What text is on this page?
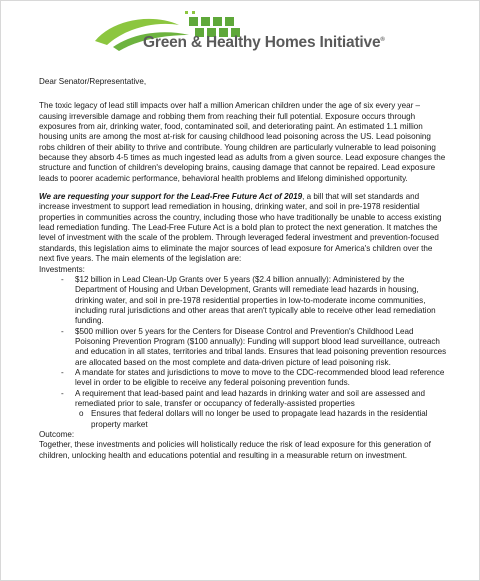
Green & Healthy Homes Initiative®

Dear Senator/Representative,

The toxic legacy of lead still impacts over half a million American children under the age of six every year – causing irreversible damage and robbing them from reaching their full potential. Exposure occurs through exposures from air, drinking water, food, contaminated soil, and deteriorating paint. An estimated 1.1 million housing units are among the most at-risk for causing childhood lead poisoning across the US. Lead poisoning robs children of their ability to thrive and contribute. Young children are particularly vulnerable to lead poisoning because they absorb 4-5 times as much ingested lead as adults from a given source. Lead exposure changes the structure and function of children's developing brains, causing damage that cannot be repaired. Lead exposure leads to poorer academic performance, behavioral health problems and lifelong diminished opportunity.

We are requesting your support for the Lead-Free Future Act of 2019, a bill that will set standards and increase investment to support lead remediation in housing, drinking water, and soil in pre-1978 residential properties in communities across the country, including those who have traditionally be unable to access existing lead remediation funding. The Lead-Free Future Act is a bold plan to protect the next generation. It matches the level of investment with the scale of the problem. Through leveraged federal investment and prevention-focused standards, this legislation aims to eliminate the major sources of lead exposure for America's children over the next five years. The main elements of the legislation are:

Investments:

- $12 billion in Lead Clean-Up Grants over 5 years ($2.4 billion annually): Administered by the Department of Housing and Urban Development, Grants will remediate lead hazards in housing, drinking water, and soil in pre-1978 residential properties in low-to-moderate income communities, including rural jurisdictions and other areas that aren't typically able to receive other lead remediation funding.
- $500 million over 5 years for the Centers for Disease Control and Prevention's Childhood Lead Poisoning Prevention Program ($100 annually): Funding will support blood lead surveillance, outreach and education in all states, territories and tribal lands. Ensures that lead poisoning prevention resources are allocated based on the most complete and data-driven picture of lead poisoning risk.
- A mandate for states and jurisdictions to move to move to the CDC-recommended blood lead reference level in order to be eligible to receive any federal poisoning prevention funds.
- A requirement that lead-based paint and lead hazards in drinking water and soil are assessed and remediated prior to sale, transfer or occupancy of federally-assisted properties
o Ensures that federal dollars will no longer be used to propagate lead hazards in the residential property market

Outcome:

Together, these investments and policies will holistically reduce the risk of lead exposure for this generation of children, unlocking health and educations potential and resulting in a measurable return on investment.
